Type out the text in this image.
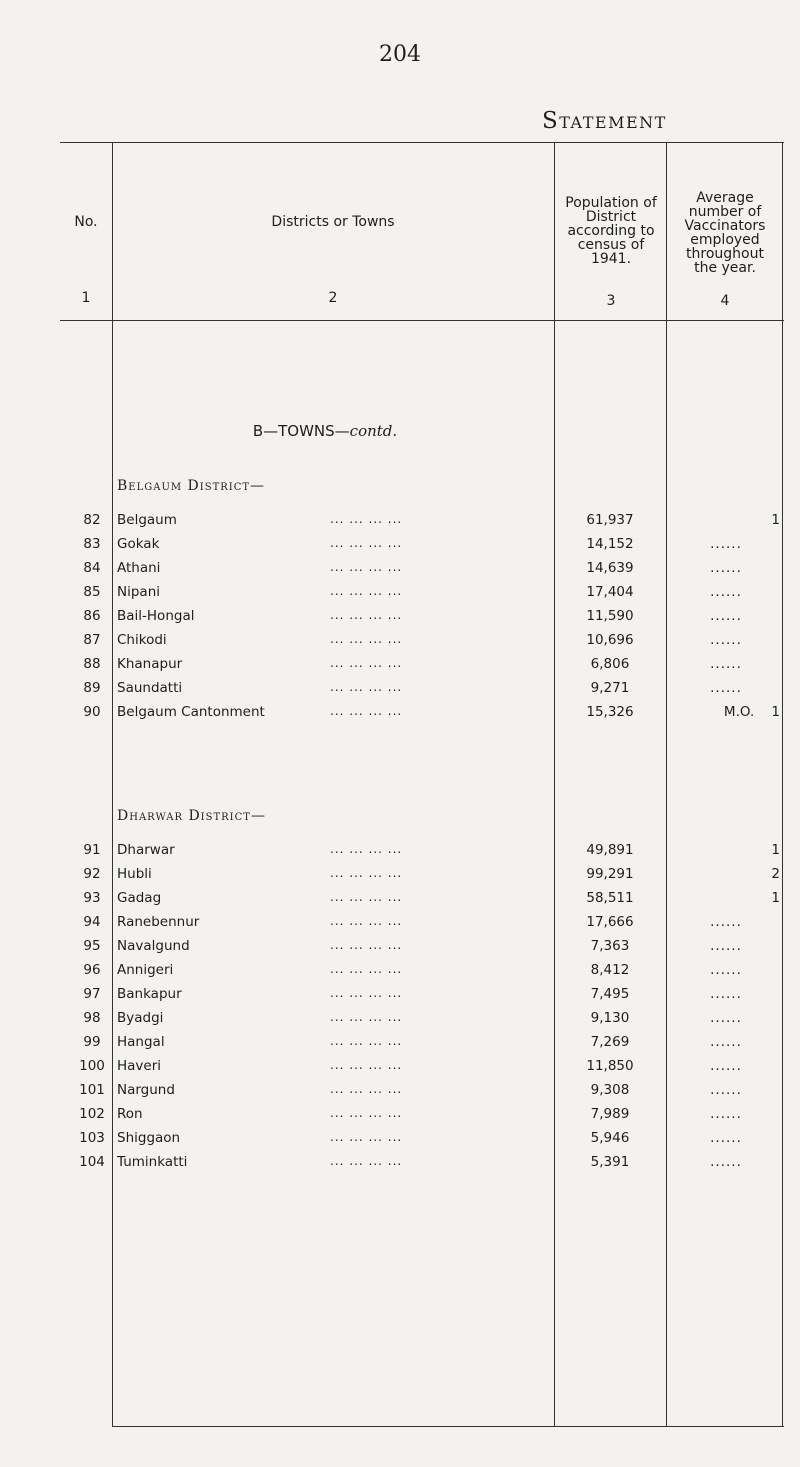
204
Statement
No.	Districts or Towns
Population of
District
according to
census of
1941.
Average
number of
Vaccinators
employed
throughout
the year.
1	2	3	4
B—TOWNS—contd.
Belgaum District—
82	Belgaum	... ... ... ...	61,937	1
83	Gokak	... ... ... ...	14,152	......
84	Athani	... ... ... ...	14,639	......
85	Nipani	... ... ... ...	17,404	......
86	Bail-Hongal	... ... ... ...	11,590	......
87	Chikodi	... ... ... ...	10,696	......
88	Khanapur	... ... ... ...	6,806	......
89	Saundatti	... ... ... ...	9,271	......
90	Belgaum Cantonment	... ... ... ...	15,326	M.O.    1
Dharwar District—
91	Dharwar	... ... ... ...	49,891	1
92	Hubli	... ... ... ...	99,291	2
93	Gadag	... ... ... ...	58,511	1
94	Ranebennur	... ... ... ...	17,666	......
95	Navalgund	... ... ... ...	7,363	......
96	Annigeri	... ... ... ...	8,412	......
97	Bankapur	... ... ... ...	7,495	......
98	Byadgi	... ... ... ...	9,130	......
99	Hangal	... ... ... ...	7,269	......
100 Haveri	... ... ... ...	11,850	......
101 Nargund	... ... ... ...	9,308	......
102 Ron	... ... ... ...	7,989	......
103 Shiggaon	... ... ... ...	5,946	......
104 Tuminkatti	... ... ... ...	5,391	......
